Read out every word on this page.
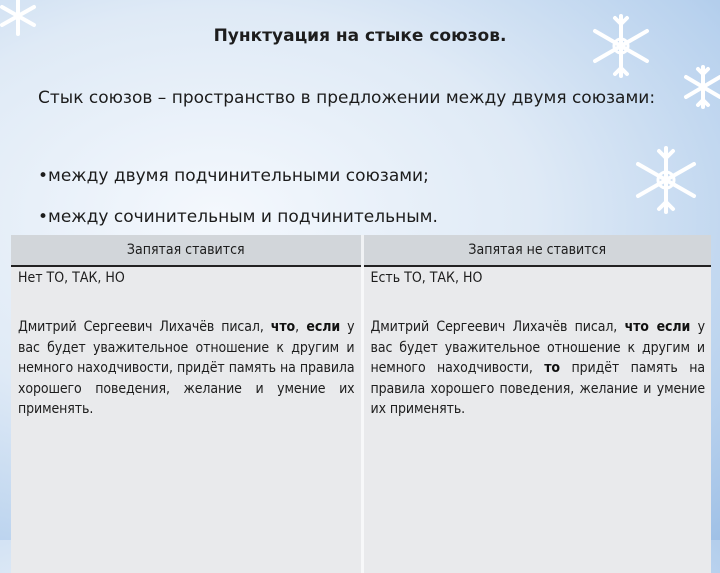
Пунктуация на стыке союзов.
Стык союзов – пространство в предложении между двумя союзами:
•между двумя подчинительными союзами;
•между сочинительным и подчинительным.
Запятая ставится	Запятая не ставится
Нет ТО, ТАК, НО	Есть ТО, ТАК, НО

Дмитрий Сергеевич Лихачёв писал, что, если у вас будет уважительное отношение к другим и немного находчивости, придёт память на правила хорошего поведения, желание и умение их применять.	Дмитрий Сергеевич Лихачёв писал, что если у вас будет уважительное отношение к другим и немного находчивости, то придёт память на правила хорошего поведения, желание и умение их применять.
